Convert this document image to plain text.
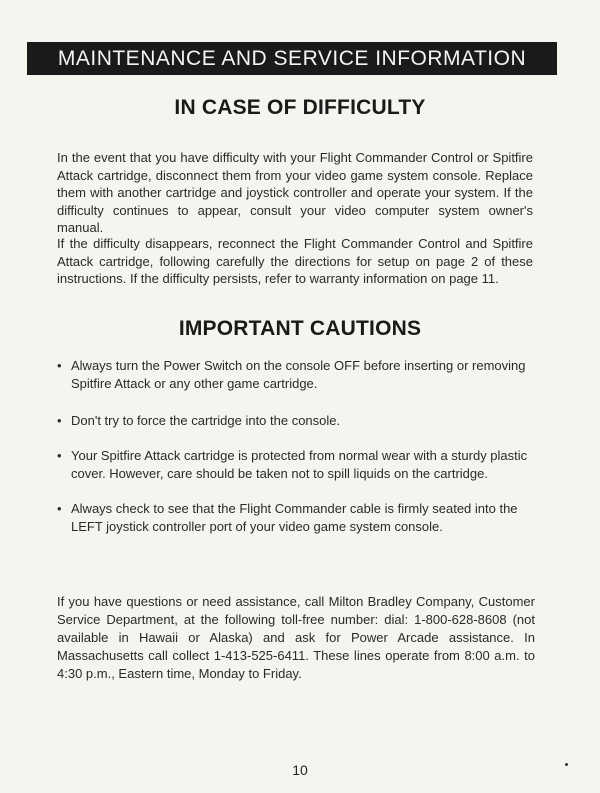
MAINTENANCE AND SERVICE INFORMATION
IN CASE OF DIFFICULTY

In the event that you have difficulty with your Flight Commander Control or Spitfire Attack cartridge, disconnect them from your video game system console. Replace them with another cartridge and joystick controller and operate your system. If the difficulty continues to appear, consult your video computer system owner's manual.

If the difficulty disappears, reconnect the Flight Commander Control and Spitfire Attack cartridge, following carefully the directions for setup on page 2 of these instructions. If the difficulty persists, refer to warranty information on page 11.

IMPORTANT CAUTIONS
• Always turn the Power Switch on the console OFF before inserting or removing Spitfire Attack or any other game cartridge.
• Don't try to force the cartridge into the console.
• Your Spitfire Attack cartridge is protected from normal wear with a sturdy plastic cover. However, care should be taken not to spill liquids on the cartridge.
• Always check to see that the Flight Commander cable is firmly seated into the LEFT joystick controller port of your video game system console.

If you have questions or need assistance, call Milton Bradley Company, Customer Service Department, at the following toll-free number: dial: 1-800-628-8608 (not available in Hawaii or Alaska) and ask for Power Arcade assistance. In Massachusetts call collect 1-413-525-6411. These lines operate from 8:00 a.m. to 4:30 p.m., Eastern time, Monday to Friday.

10
